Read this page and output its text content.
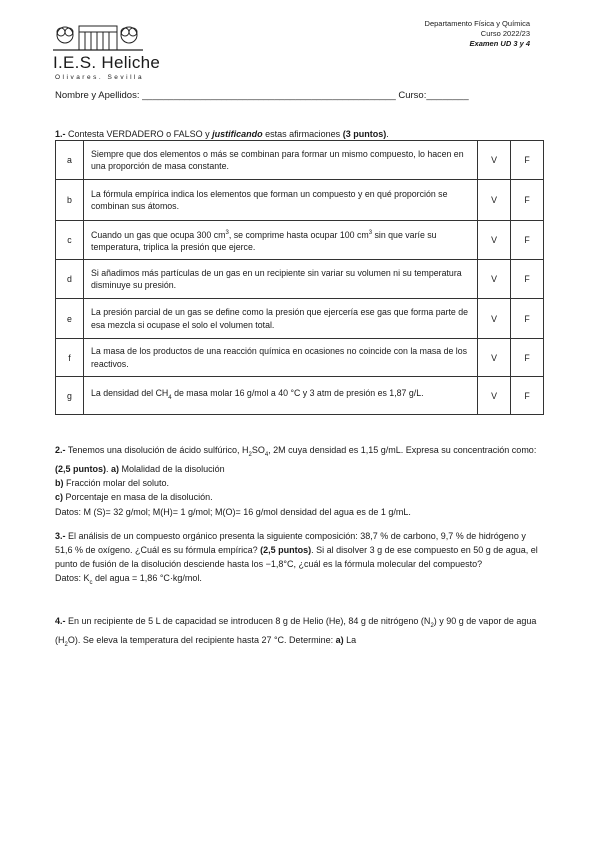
I.E.S. Heliche
Olivares. Sevilla
Departamento Física y Química
Curso 2022/23
Examen UD 3 y 4
Nombre y Apellidos: ________________________________________________ Curso:________
1.- Contesta VERDADERO o FALSO y justificando estas afirmaciones (3 puntos).
a	Siempre que dos elementos o más se combinan para formar un mismo compuesto, lo hacen en una proporción de masa constante.	V	F
b	La fórmula empírica indica los elementos que forman un compuesto y en qué proporción se combinan sus átomos.	V	F
c	Cuando un gas que ocupa 300 $cm^3$, se comprime hasta ocupar 100 $cm^3$ sin que varíe su temperatura, triplica la presión que ejerce.	V	F
d	Si añadimos más partículas de un gas en un recipiente sin variar su volumen ni su temperatura disminuye su presión.	V	F
e	La presión parcial de un gas se define como la presión que ejercería ese gas que forma parte de esa mezcla si ocupase el solo el volumen total.	V	F
f	La masa de los productos de una reacción química en ocasiones no coincide con la masa de los reactivos.	V	F
g	La densidad del $CH_4$ de masa molar 16 g/mol a 40 °C y 3 atm de presión es 1,87 g/L.	V	F
2.- Tenemos una disolución de ácido sulfúrico, $H_2SO_4$, 2M cuya densidad es 1,15 g/mL. Expresa su concentración como: (2,5 puntos). a) Molalidad de la disolución
b) Fracción molar del soluto.
c) Porcentaje en masa de la disolución.
Datos: M (S)= 32 g/mol; M(H)= 1 g/mol; M(O)= 16 g/mol densidad del agua es de 1 g/mL.
3.- El análisis de un compuesto orgánico presenta la siguiente composición: 38,7 % de carbono, 9,7 % de hidrógeno y 51,6 % de oxígeno. ¿Cuál es su fórmula empírica? (2,5 puntos). Si al disolver 3 g de ese compuesto en 50 g de agua, el punto de fusión de la disolución desciende hasta los −1,8°C, ¿cuál es la fórmula molecular del compuesto?
Datos: $K_c$ del agua = 1,86 °C·kg/mol.
4.- En un recipiente de 5 L de capacidad se introducen 8 g de Helio (He), 84 g de nitrógeno $(N_2)$ y 90 g de vapor de agua $(H_2O)$. Se eleva la temperatura del recipiente hasta 27 °C. Determine: a) La
